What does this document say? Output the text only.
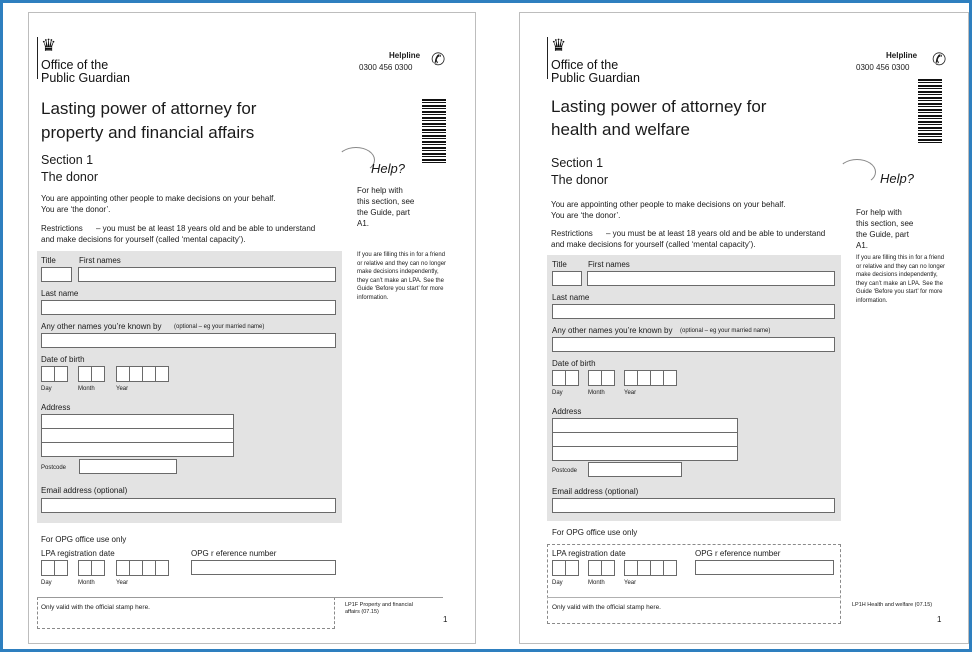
♛
Office of the
Public Guardian
Helpline
0300 456 0300 ✆
Lasting power of attorney for
property and financial affairs
Section 1
The donor
Help?
For help with this section, see the Guide, part A1.
If you are filling this in for a friend or relative and they can no longer make decisions independently, they can’t make an LPA. See the Guide ‘Before you start’ for more information.
You are appointing other people to make decisions on your behalf.
You are ‘the donor’.
Restrictions – you must be at least 18 years old and be able to understand
and make decisions for yourself (called ‘mental capacity’).
Title	First names
Last name
Any other names you’re known by (optional – eg your married name)
Date of birth
Day	Month	Year
Address
Postcode
Email address (optional)
For OPG office use only
LPA registration date	OPG r eference number
Day	Month	Year
Only valid with the official stamp here.	LP1F Property and financial affairs (07.15)
1
♛
Office of the
Public Guardian
Helpline
0300 456 0300 ✆
Lasting power of attorney for
health and welfare
Section 1
The donor	Help?
For help with this section, see the Guide, part A1.
If you are filling this in for a friend or relative and they can no longer make decisions independently, they can’t make an LPA. See the Guide ‘Before you start’ for more information.
You are appointing other people to make decisions on your behalf.
You are ‘the donor’.
Restrictions – you must be at least 18 years old and be able to understand
and make decisions for yourself (called ‘mental capacity’).
Title	First names
Last name
Any other names you’re known by (optional – eg your married name)
Date of birth
Day	Month	Year
Address
Postcode
Email address (optional)
For OPG office use only
LPA registration date	OPG r eference number
Day	Month	Year
Only valid with the official stamp here.	LP1H Health and welfare (07.15)
1
